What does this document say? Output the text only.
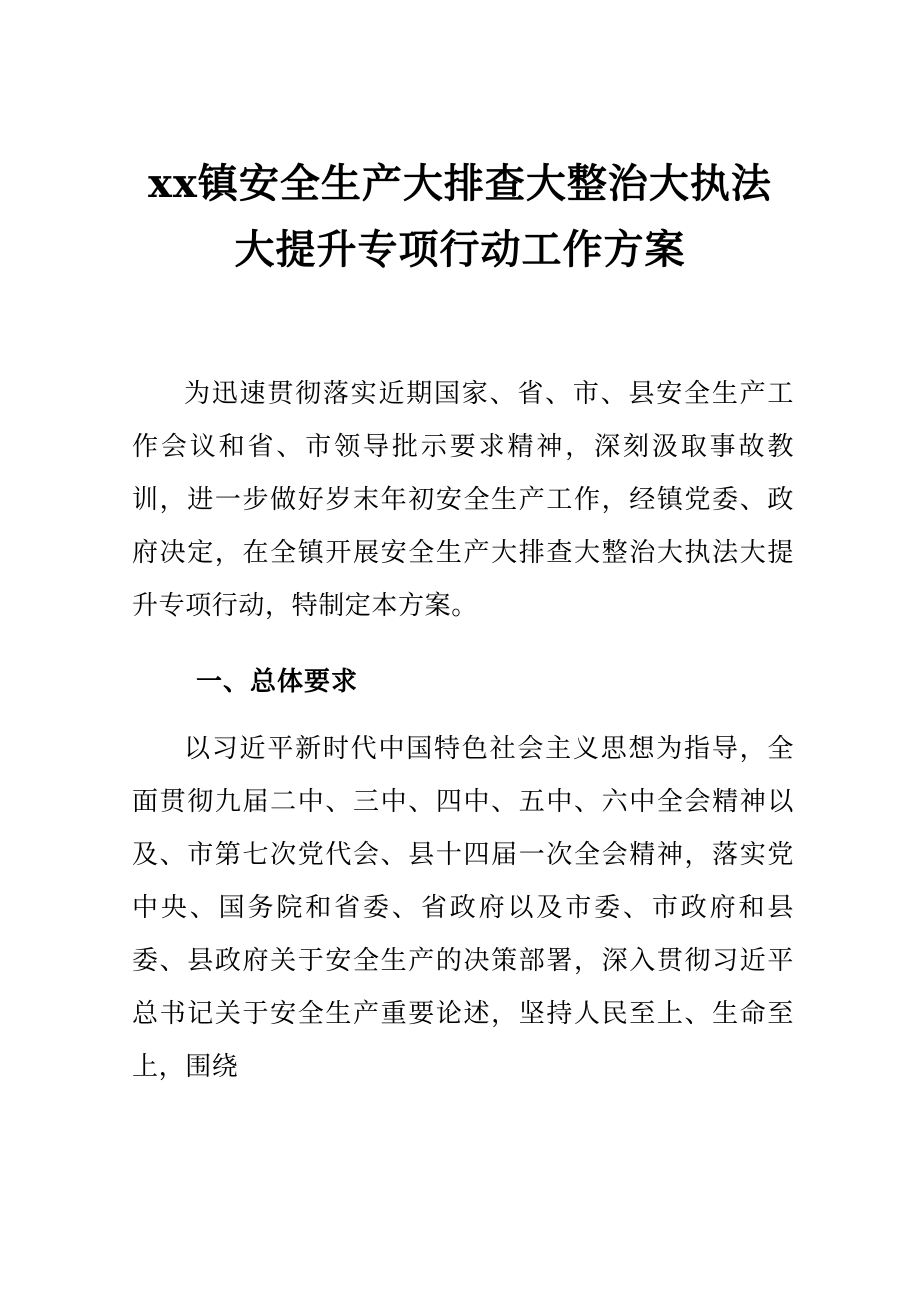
xx镇安全生产大排查大整治大执法
大提升专项行动工作方案

为迅速贯彻落实近期国家、省、市、县安全生产工作会议和省、市领导批示要求精神，深刻汲取事故教训，进一步做好岁末年初安全生产工作，经镇党委、政府决定，在全镇开展安全生产大排查大整治大执法大提升专项行动，特制定本方案。

一、总体要求

以习近平新时代中国特色社会主义思想为指导，全面贯彻九届二中、三中、四中、五中、六中全会精神以及、市第七次党代会、县十四届一次全会精神，落实党中央、国务院和省委、省政府以及市委、市政府和县委、县政府关于安全生产的决策部署，深入贯彻习近平总书记关于安全生产重要论述，坚持人民至上、生命至上，围绕
